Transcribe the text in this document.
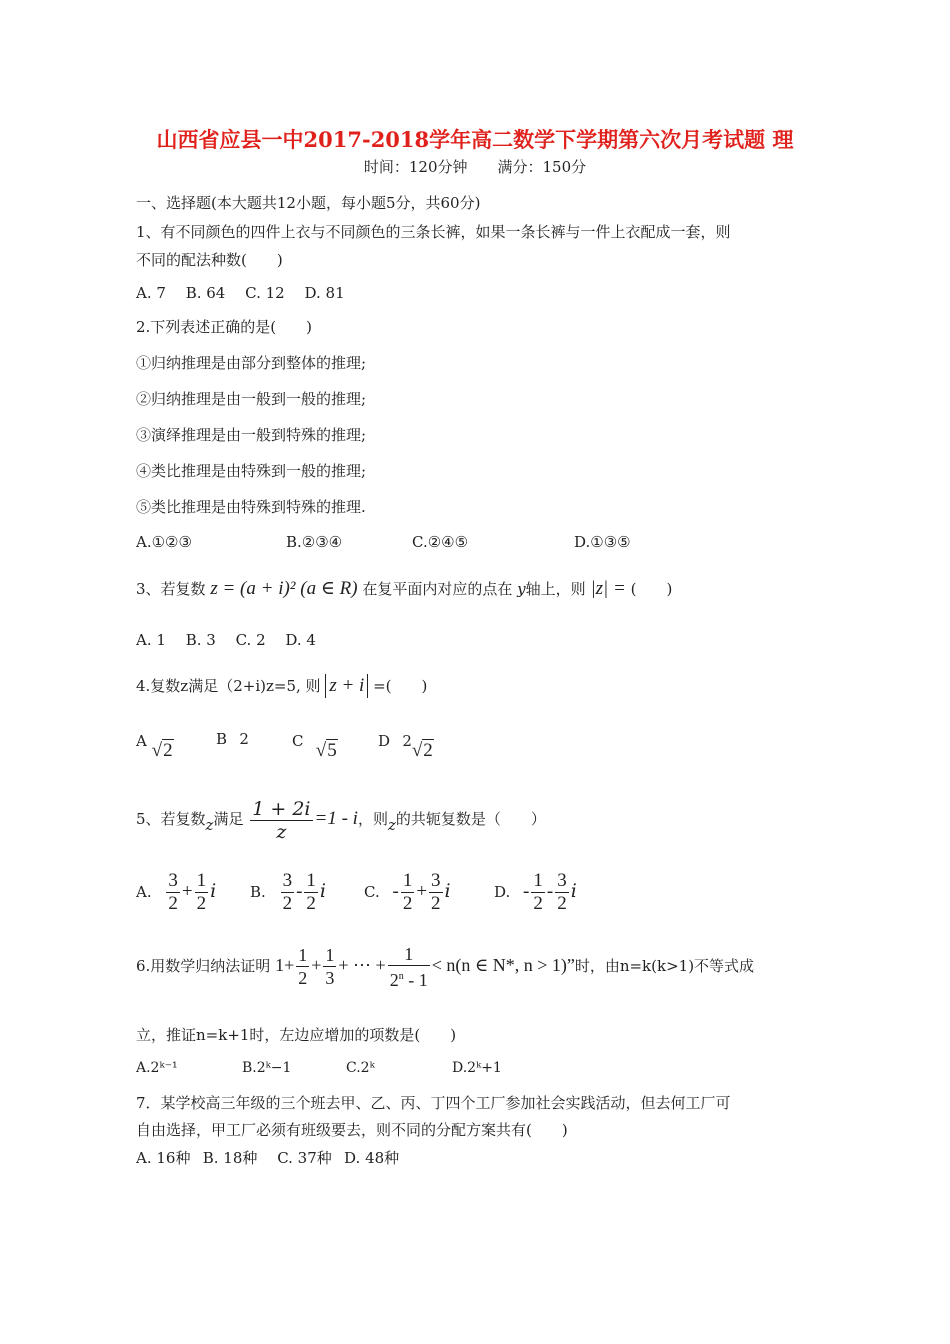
山西省应县一中2017-2018学年高二数学下学期第六次月考试题 理
时间：120分钟 满分：150分
一、选择题(本大题共12小题，每小题5分，共60分)
1、有不同颜色的四件上衣与不同颜色的三条长裤，如果一条长裤与一件上衣配成一套，则
不同的配法种数(　　)
A. 7  B. 64  C. 12  D. 81
2.下列表述正确的是(　　)
①归纳推理是由部分到整体的推理;
②归纳推理是由一般到一般的推理;
③演绎推理是由一般到特殊的推理;
④类比推理是由特殊到一般的推理;
⑤类比推理是由特殊到特殊的推理.
A.①②③	B.②③④	C.②④⑤	D.①③⑤
3、若复数 z = (a + i)² (a ∈ R) 在复平面内对应的点在 y轴上，则 |z| = (　　)
A. 1  B. 3  C. 2  D. 4
4.复数z满足（2+i)z=5, 则 z + i =(　　)
A √2
B  2	C  √5	D  2√2
5、若复数z满足 $\frac{1 + 2i}{z} =1 - i$，则z的共轭复数是（　　）
A. $\frac{3}{2} + \frac{1}{2}$ i B. $\frac{3}{2} - \frac{1}{2}$ i	C. - $\frac{1}{2} + \frac{3}{2}$ i	D. - $\frac{1}{2} - \frac{3}{2}$ i
6.用数学归纳法证明 $1+ \frac{1}{2} + \frac{1}{3}$ + ⋯ + $\frac{1}{2^n - 1} < n(n$ ∈ N*, n > 1)”时，由n=k(k>1)不等式成
立，推证n=k+1时，左边应增加的项数是(　　)
A.2ᵏ⁻¹	B.2ᵏ−1	C.2ᵏ	D.2ᵏ+1
7．某学校高三年级的三个班去甲、乙、丙、丁四个工厂参加社会实践活动，但去何工厂可
自由选择，甲工厂必须有班级要去，则不同的分配方案共有(　　)
A. 16种  B. 18种  C. 37种  D. 48种
